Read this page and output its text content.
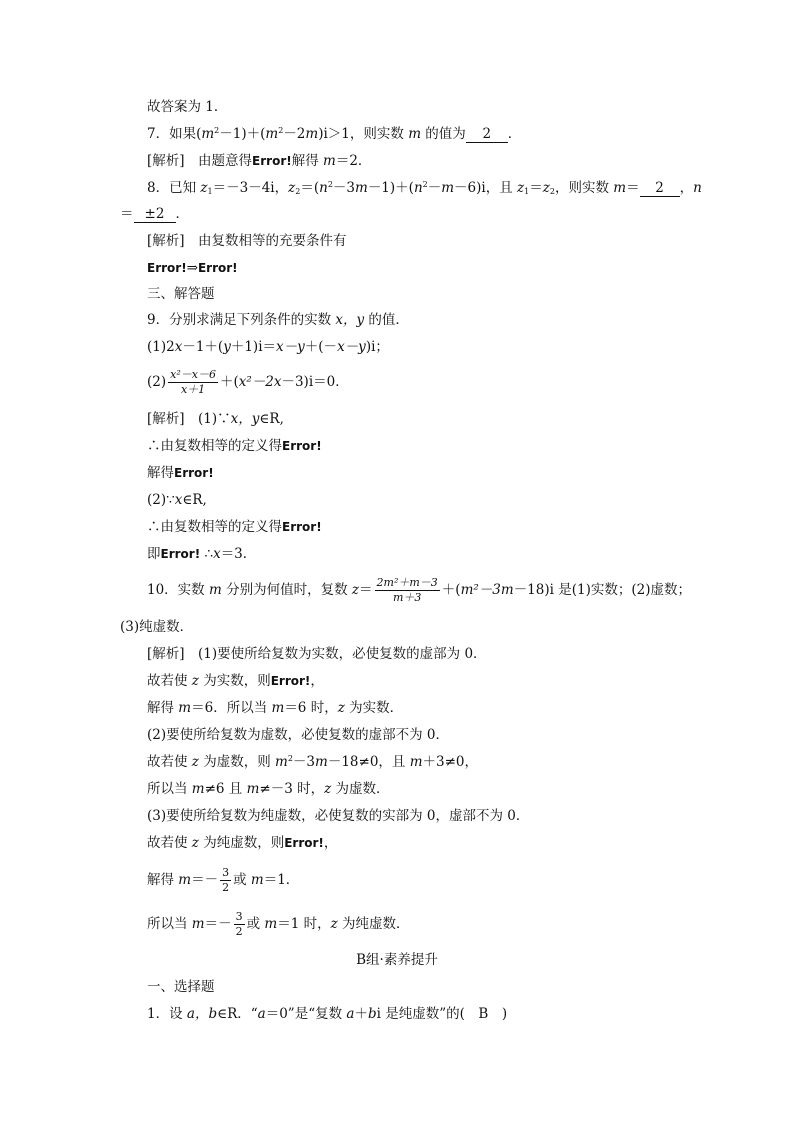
故答案为 1．
7．如果$(m^2-1)+(m^2-2m)i>1$，则实数 m 的值为 2 ．
[解析]　由题意得Error!解得 m＝2．
8．已知 $z_1=-3-4i$，$z_2=(n^2-3m-1)+(n^2-m-6)i$，且 $z_1=z_2$，则实数 m＝ 2 ，n
＝ ±2 ．
[解析]　由复数相等的充要条件有
Error!⇒Error!
三、解答题
9．分别求满足下列条件的实数 x，y 的值．
(1)2x－1＋(y＋1)i＝x－y＋(－x－y)i；
$(2) \frac{\text{x²－x－6}}{x+1} +(x^2-2x-3)i=0$．
[解析]　(1)∵x，y∈R,
∴由复数相等的定义得Error!
解得Error!
(2)∵x∈R,
∴由复数相等的定义得Error!
即Error! ∴x＝3．
10．实数 m 分别为何值时，复数 $z= \frac{\text{2m²＋m－3}}{m+3} +(m^2-3m-18)i$ 是(1)实数；(2)虚数；
(3)纯虚数．
[解析]　(1)要使所给复数为实数，必使复数的虚部为 0．
故若使 z 为实数，则Error!，
解得 m＝6．所以当 m＝6 时，z 为实数．
(2)要使所给复数为虚数，必使复数的虚部不为 0．
故若使 z 为虚数，则 $m^2-3m-18\ne 0$，且 m＋3≠0，
所以当 m≠6 且 m≠－3 时，z 为虚数．
(3)要使所给复数为纯虚数，必使复数的实部为 0，虚部不为 0．
故若使 z 为纯虚数，则Error!，
解得 $m=- \frac{3}{2}$ 或 m＝1．
所以当 $m=- \frac{3}{2}$ 或 m＝1 时，z 为纯虚数．
B组·素养提升
一、选择题
1．设 a，b∈R．“a＝0”是“复数 a＋bi 是纯虚数”的(　B　)
